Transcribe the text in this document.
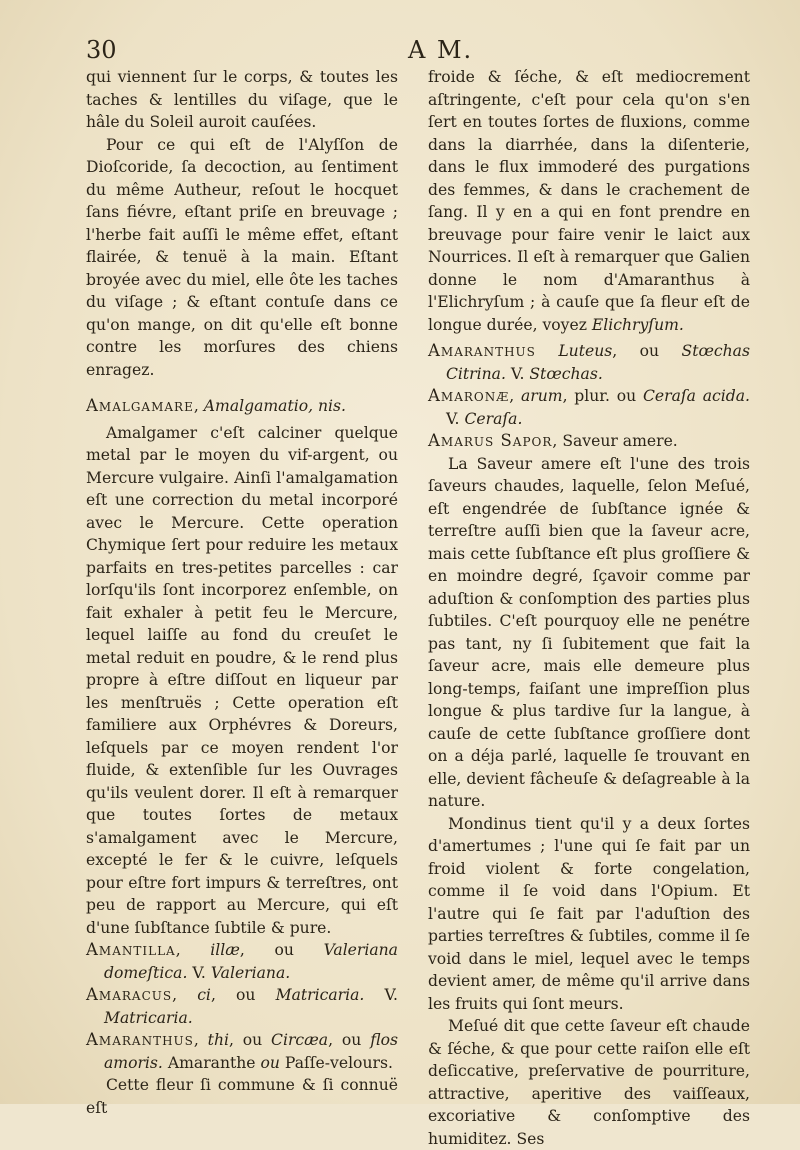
30	A M.

qui viennent ſur le corps, & toutes les taches & lentilles du viſage, que le hâle du Soleil auroit cauſées.

Pour ce qui eſt de l'Alyſſon de Dioſcoride, ſa decoction, au ſentiment du même Autheur, reſout le hocquet ſans fiévre, eſtant priſe en breuvage ; l'herbe fait auſſi le même effet, eſtant flairée, & tenuë à la main. Eſtant broyée avec du miel, elle ôte les taches du viſage ; & eſtant contuſe dans ce qu'on mange, on dit qu'elle eſt bonne contre les morſures des chiens enragez.

Amalgamare, Amalgamatio, nis.

Amalgamer c'eſt calciner quelque metal par le moyen du vif-argent, ou Mercure vulgaire. Ainſi l'amalgamation eſt une correction du metal incorporé avec le Mercure. Cette operation Chymique ſert pour reduire les metaux parfaits en tres-petites parcelles : car lorſqu'ils ſont incorporez enſemble, on fait exhaler à petit feu le Mercure, lequel laiſſe au fond du creuſet le metal reduit en poudre, & le rend plus propre à eſtre diſſout en liqueur par les menſtruës ; Cette operation eſt familiere aux Orphévres & Doreurs, leſquels par ce moyen rendent l'or fluide, & extenſible ſur les Ouvrages qu'ils veulent dorer. Il eſt à remarquer que toutes ſortes de metaux s'amalgament avec le Mercure, excepté le fer & le cuivre, leſquels pour eſtre fort impurs & terreſtres, ont peu de rapport au Mercure, qui eſt d'une ſubſtance ſubtile & pure.

Amantilla, illæ, ou Valeriana domeſtica. V. Valeriana.

Amaracus, ci, ou Matricaria. V. Matricaria.

Amaranthus, thi, ou Circæa, ou flos amoris. Amaranthe ou Paſſe-velours.

Cette fleur ſi commune & ſi connuë eſt

froide & ſéche, & eſt mediocrement aſtringente, c'eſt pour cela qu'on s'en ſert en toutes ſortes de fluxions, comme dans la diarrhée, dans la diſenterie, dans le flux immoderé des purgations des femmes, & dans le crachement de ſang. Il y en a qui en font prendre en breuvage pour faire venir le laict aux Nourrices. Il eſt à remarquer que Galien donne le nom d'Amaranthus à l'Elichryſum ; à cauſe que ſa fleur eſt de longue durée, voyez Elichryſum.

Amaranthus Luteus, ou Stœchas Citrina. V. Stœchas.

Amaronæ, arum, plur. ou Ceraſa acida. V. Ceraſa.

Amarus Sapor, Saveur amere.

La Saveur amere eſt l'une des trois ſaveurs chaudes, laquelle, ſelon Meſué, eſt engendrée de ſubſtance ignée & terreſtre auſſi bien que la ſaveur acre, mais cette ſubſtance eſt plus groſſiere & en moindre degré, ſçavoir comme par aduſtion & conſomption des parties plus ſubtiles. C'eſt pourquoy elle ne penétre pas tant, ny ſi ſubitement que fait la ſaveur acre, mais elle demeure plus long-temps, faiſant une impreſſion plus longue & plus tardive ſur la langue, à cauſe de cette ſubſtance groſſiere dont on a déja parlé, laquelle ſe trouvant en elle, devient fâcheuſe & deſagreable à la nature.

Mondinus tient qu'il y a deux ſortes d'amertumes ; l'une qui ſe fait par un froid violent & forte congelation, comme il ſe void dans l'Opium. Et l'autre qui ſe fait par l'aduſtion des parties terreſtres & ſubtiles, comme il ſe void dans le miel, lequel avec le temps devient amer, de même qu'il arrive dans les fruits qui ſont meurs.

Meſué dit que cette ſaveur eſt chaude & ſéche, & que pour cette raiſon elle eſt deſiccative, preſervative de pourriture, attractive, aperitive des vaiſſeaux, excoriative & conſomptive des humiditez. Ses
